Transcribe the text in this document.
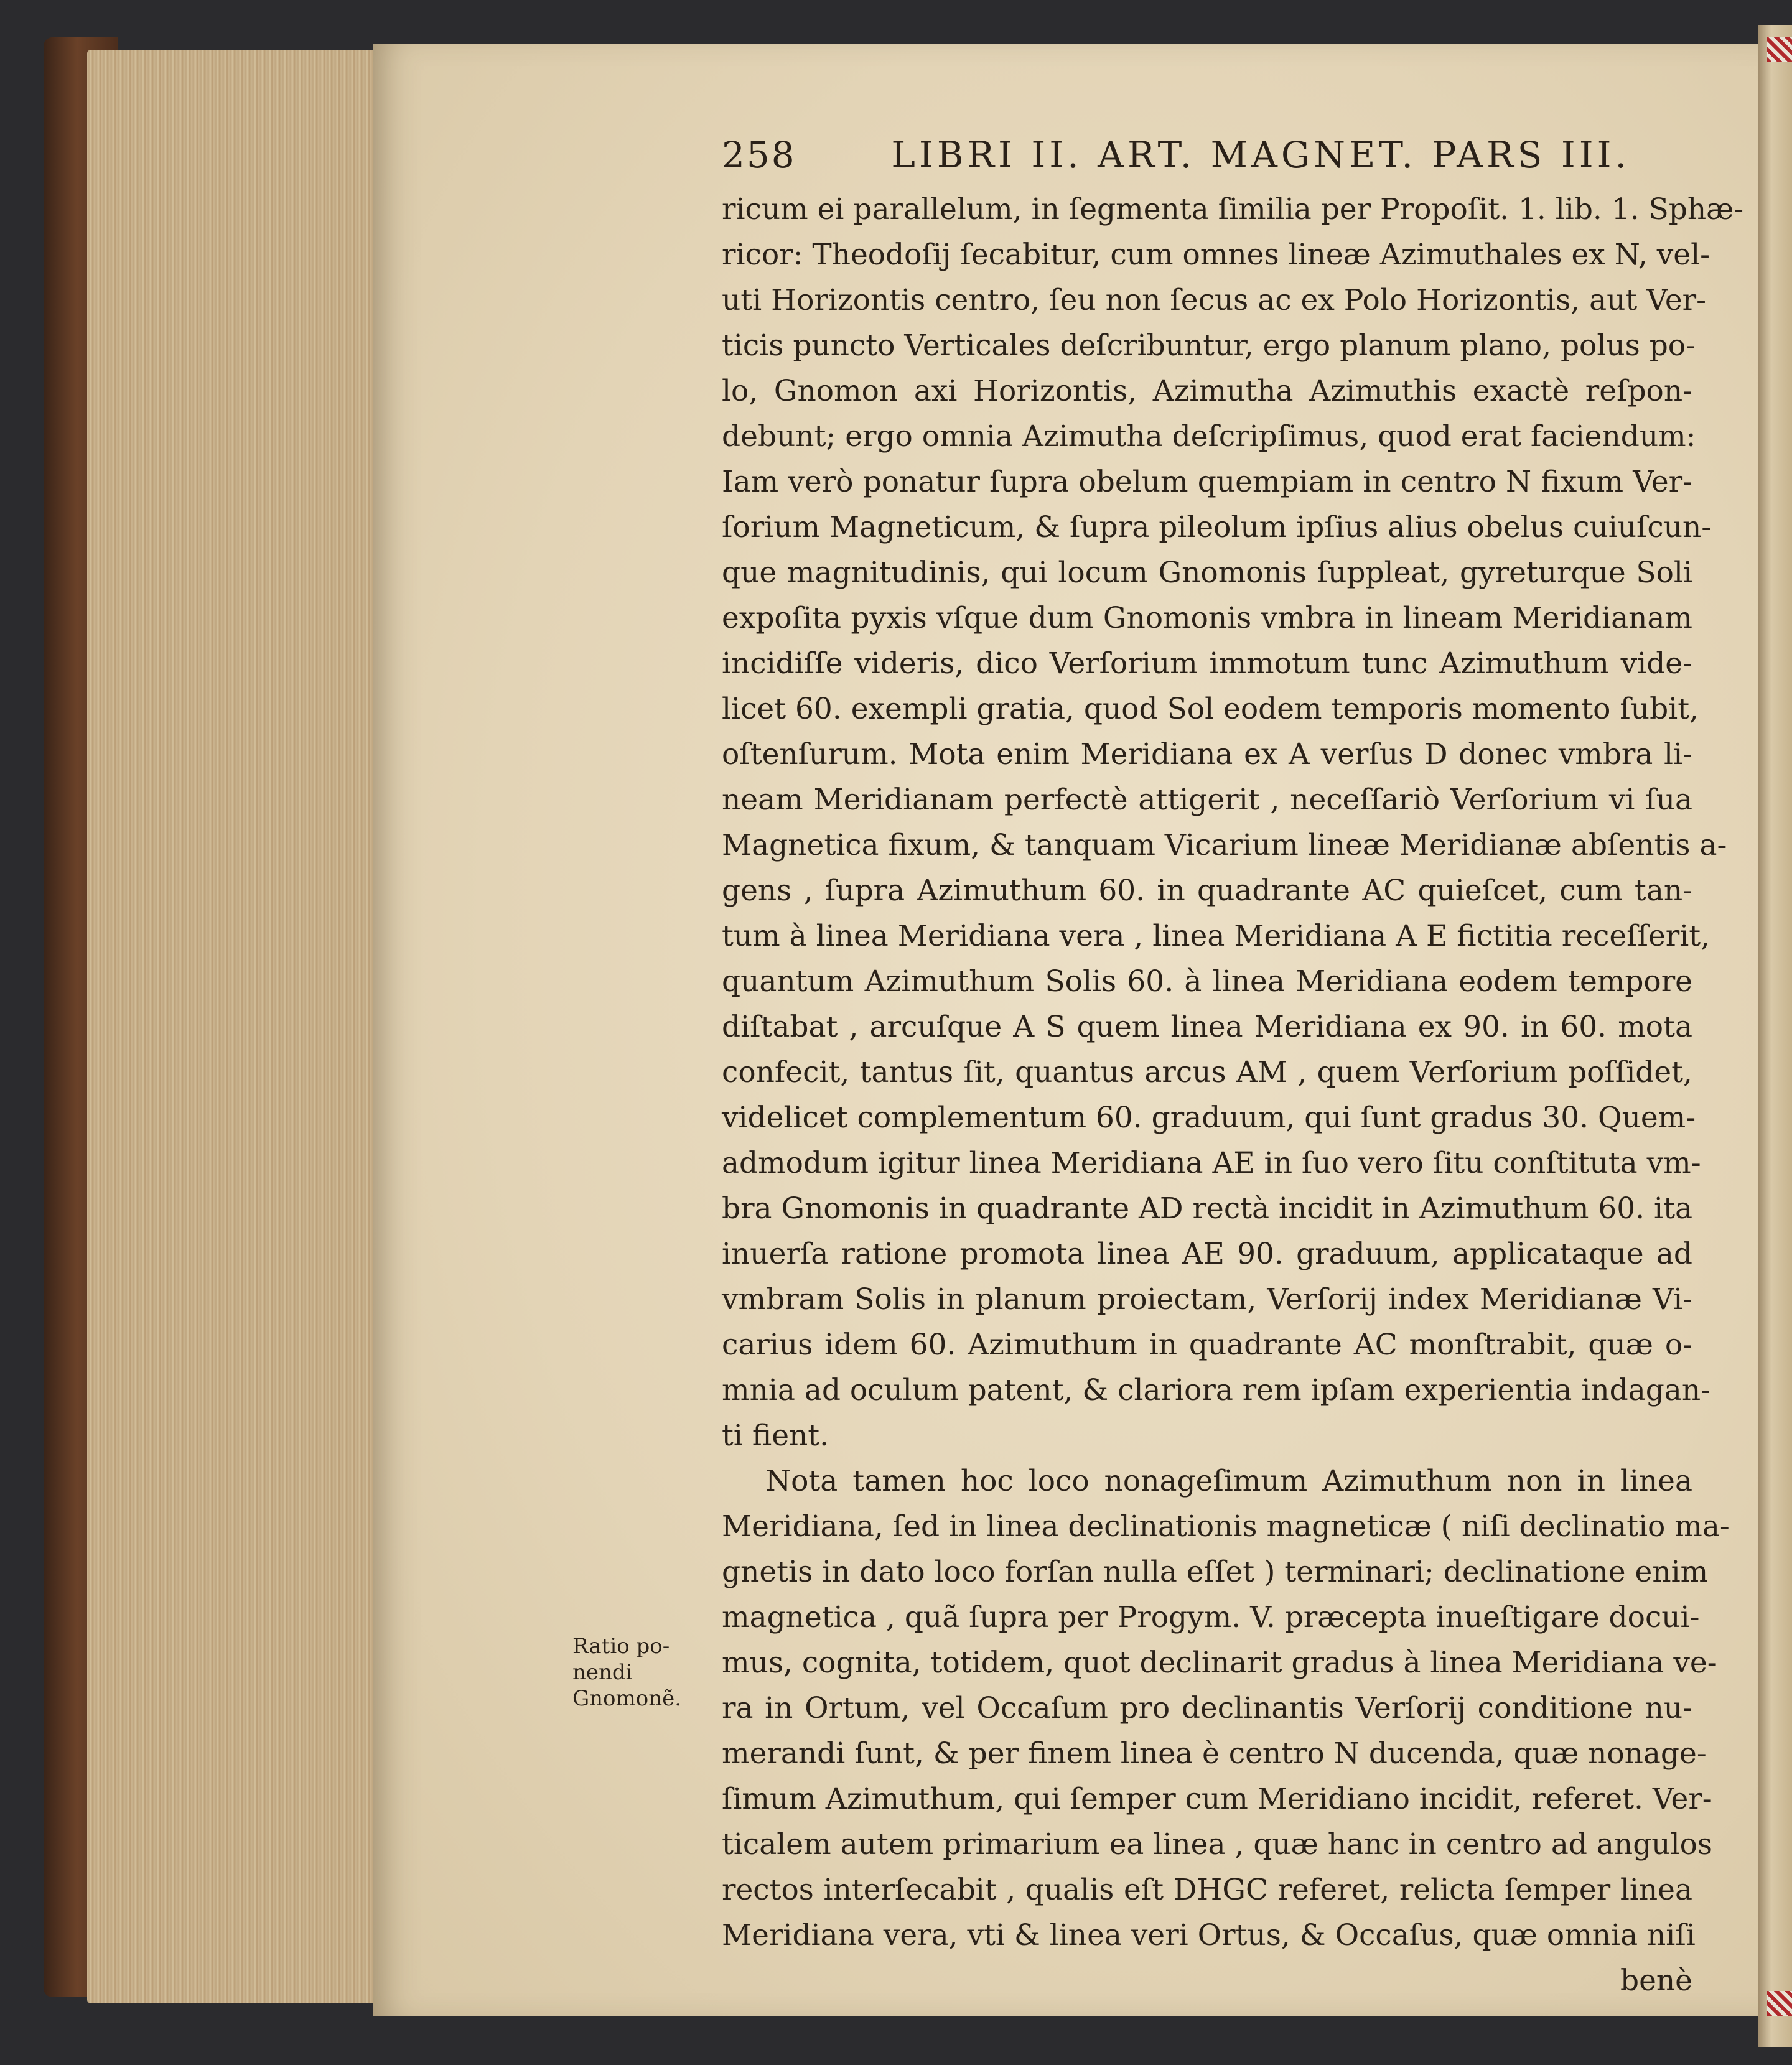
258	LIBRI II. ART. MAGNET. PARS III.
ricum ei parallelum, in ſegmenta ſimilia per Propoſit. 1. lib. 1. Sphæ-
ricor: Theodoſij ſecabitur, cum omnes lineæ Azimuthales ex N, vel-
uti Horizontis centro, ſeu non ſecus ac ex Polo Horizontis, aut Ver-
ticis puncto Verticales deſcribuntur, ergo planum plano, polus po-
lo, Gnomon axi Horizontis, Azimutha Azimuthis exactè reſpon-
debunt; ergo omnia Azimutha deſcripſimus, quod erat faciendum:
Iam verò ponatur ſupra obelum quempiam in centro N fixum Ver-
ſorium Magneticum, & ſupra pileolum ipſius alius obelus cuiuſcun-
que magnitudinis, qui locum Gnomonis ſuppleat, gyreturque Soli
expoſita pyxis vſque dum Gnomonis vmbra in lineam Meridianam
incidiſſe videris, dico Verſorium immotum tunc Azimuthum vide-
licet 60. exempli gratia, quod Sol eodem temporis momento ſubit,
oſtenſurum. Mota enim Meridiana ex A verſus D donec vmbra li-
neam Meridianam perfectè attigerit , neceſſariò Verſorium vi ſua
Magnetica fixum, & tanquam Vicarium lineæ Meridianæ abſentis a-
gens , ſupra Azimuthum 60. in quadrante AC quieſcet, cum tan-
tum à linea Meridiana vera , linea Meridiana A E fictitia receſſerit,
quantum Azimuthum Solis 60. à linea Meridiana eodem tempore
diſtabat , arcuſque A S quem linea Meridiana ex 90. in 60. mota
confecit, tantus ſit, quantus arcus AM , quem Verſorium poſſidet,
videlicet complementum 60. graduum, qui ſunt gradus 30. Quem-
admodum igitur linea Meridiana AE in ſuo vero ſitu conſtituta vm-
bra Gnomonis in quadrante AD rectà incidit in Azimuthum 60. ita
inuerſa ratione promota linea AE 90. graduum, applicataque ad
vmbram Solis in planum proiectam, Verſorij index Meridianæ Vi-
carius idem 60. Azimuthum in quadrante AC monſtrabit, quæ o-
mnia ad oculum patent, & clariora rem ipſam experientia indagan-
ti fient.
Nota tamen hoc loco nonageſimum Azimuthum non in linea
Meridiana, ſed in linea declinationis magneticæ ( niſi declinatio ma-
gnetis in dato loco forſan nulla eſſet ) terminari; declinatione enim
magnetica , quã ſupra per Progym. V. præcepta inueſtigare docui-
mus, cognita, totidem, quot declinarit gradus à linea Meridiana ve-
ra in Ortum, vel Occaſum pro declinantis Verſorij conditione nu-
merandi ſunt, & per finem linea è centro N ducenda, quæ nonage-
ſimum Azimuthum, qui ſemper cum Meridiano incidit, referet. Ver-
ticalem autem primarium ea linea , quæ hanc in centro ad angulos
rectos interſecabit , qualis eſt DHGC referet, relicta ſemper linea
Meridiana vera, vti & linea veri Ortus, & Occaſus, quæ omnia niſi
benè
Ratio po-
nendi
Gnomonẽ.
